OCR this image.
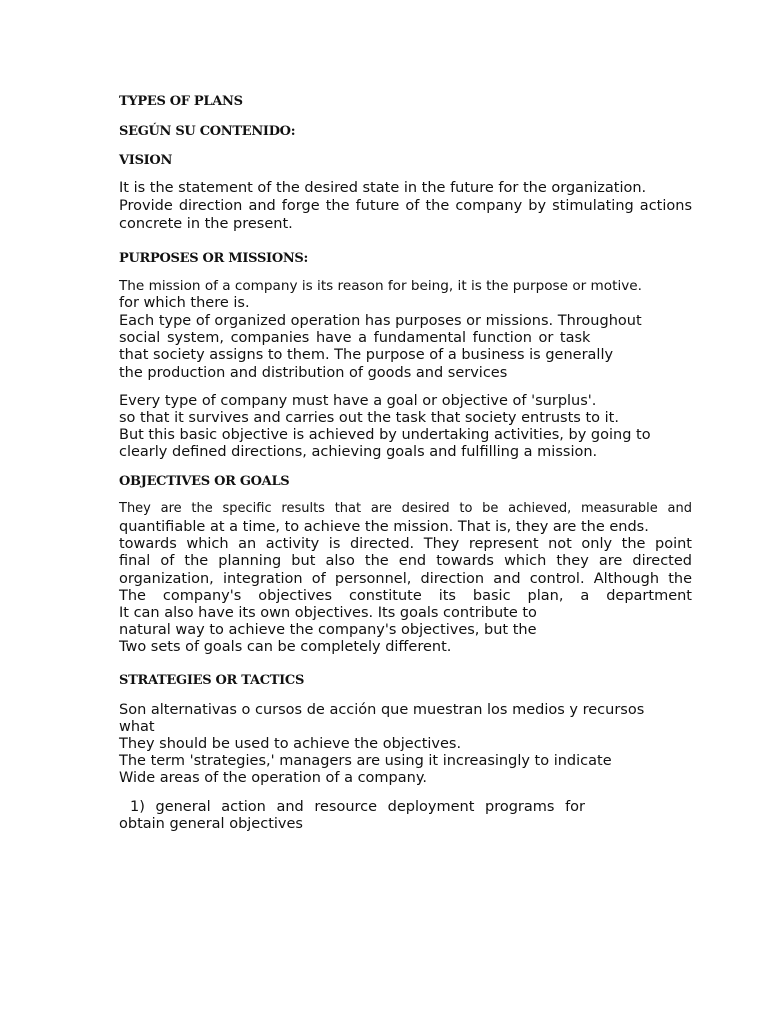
TYPES OF PLANS
SEGÚN SU CONTENIDO:
VISION
It is the statement of the desired state in the future for the organization.
Provide direction and forge the future of the company by stimulating actions
concrete in the present.
PURPOSES OR MISSIONS:
The mission of a company is its reason for being, it is the purpose or motive.
for which there is.
Each type of organized operation has purposes or missions. Throughout
social system, companies have a fundamental function or task
that society assigns to them. The purpose of a business is generally
the production and distribution of goods and services
Every type of company must have a goal or objective of 'surplus'.
so that it survives and carries out the task that society entrusts to it.
But this basic objective is achieved by undertaking activities, by going to
clearly defined directions, achieving goals and fulfilling a mission.
OBJECTIVES OR GOALS
They are the specific results that are desired to be achieved, measurable and
quantifiable at a time, to achieve the mission. That is, they are the ends.
towards which an activity is directed. They represent not only the point
final of the planning but also the end towards which they are directed
organization, integration of personnel, direction and control. Although the
The company's objectives constitute its basic plan, a department
It can also have its own objectives. Its goals contribute to
natural way to achieve the company's objectives, but the
Two sets of goals can be completely different.
STRATEGIES OR TACTICS
Son alternativas o cursos de acción que muestran los medios y recursos
what
They should be used to achieve the objectives.
The term 'strategies,' managers are using it increasingly to indicate
Wide areas of the operation of a company.
1) general action and resource deployment programs for
obtain general objectives
